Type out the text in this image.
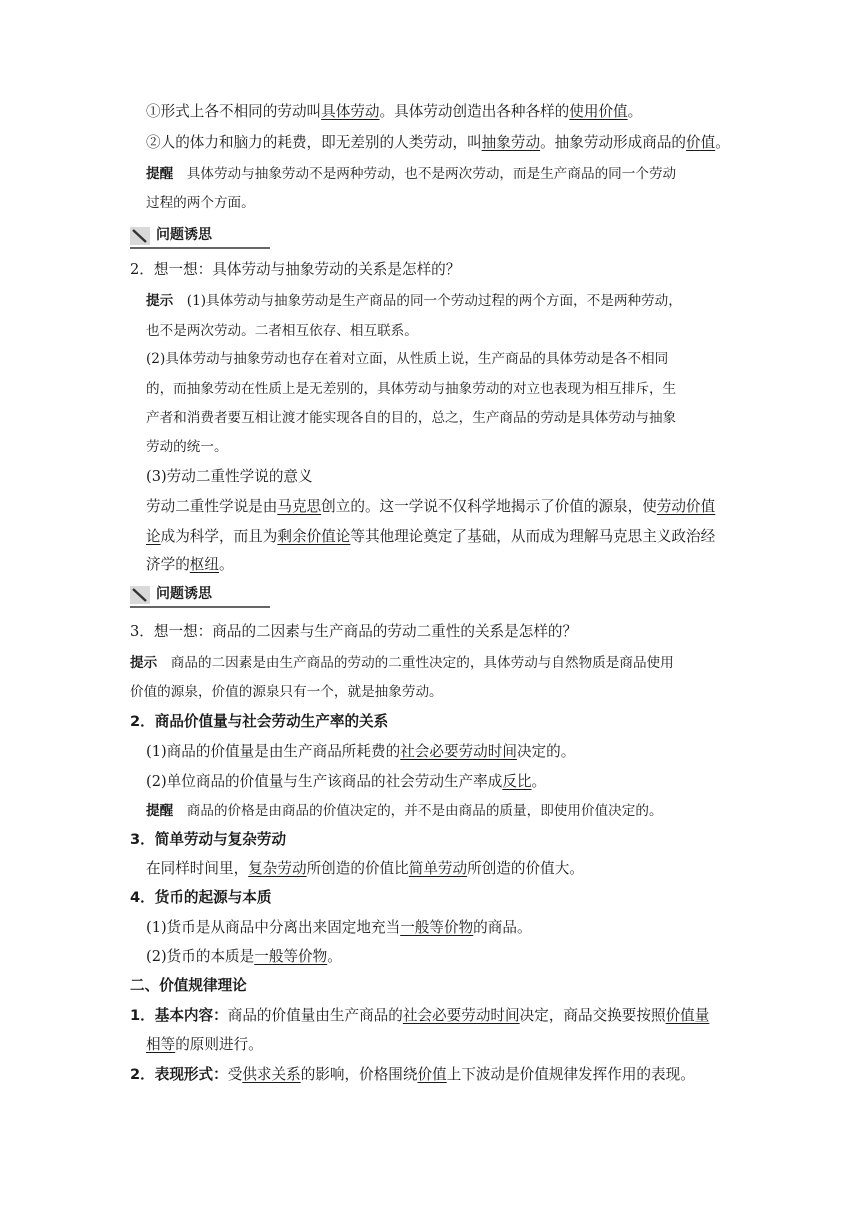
①形式上各不相同的劳动叫具体劳动。具体劳动创造出各种各样的使用价值。
②人的体力和脑力的耗费，即无差别的人类劳动，叫抽象劳动。抽象劳动形成商品的价值。
提醒　具体劳动与抽象劳动不是两种劳动，也不是两次劳动，而是生产商品的同一个劳动
过程的两个方面。
问题诱思
2．想一想：具体劳动与抽象劳动的关系是怎样的？
提示　(1)具体劳动与抽象劳动是生产商品的同一个劳动过程的两个方面，不是两种劳动，
也不是两次劳动。二者相互依存、相互联系。
(2)具体劳动与抽象劳动也存在着对立面，从性质上说，生产商品的具体劳动是各不相同
的，而抽象劳动在性质上是无差别的，具体劳动与抽象劳动的对立也表现为相互排斥，生
产者和消费者要互相让渡才能实现各自的目的，总之，生产商品的劳动是具体劳动与抽象
劳动的统一。
(3)劳动二重性学说的意义
劳动二重性学说是由马克思创立的。这一学说不仅科学地揭示了价值的源泉，使劳动价值
论成为科学，而且为剩余价值论等其他理论奠定了基础，从而成为理解马克思主义政治经
济学的枢纽。
问题诱思
3．想一想：商品的二因素与生产商品的劳动二重性的关系是怎样的？
提示　商品的二因素是由生产商品的劳动的二重性决定的，具体劳动与自然物质是商品使用
价值的源泉，价值的源泉只有一个，就是抽象劳动。
2．商品价值量与社会劳动生产率的关系
(1)商品的价值量是由生产商品所耗费的社会必要劳动时间决定的。
(2)单位商品的价值量与生产该商品的社会劳动生产率成反比。
提醒　商品的价格是由商品的价值决定的，并不是由商品的质量，即使用价值决定的。
3．简单劳动与复杂劳动
在同样时间里，复杂劳动所创造的价值比简单劳动所创造的价值大。
4．货币的起源与本质
(1)货币是从商品中分离出来固定地充当一般等价物的商品。
(2)货币的本质是一般等价物。
二、价值规律理论
1．基本内容：商品的价值量由生产商品的社会必要劳动时间决定，商品交换要按照价值量
相等的原则进行。
2．表现形式：受供求关系的影响，价格围绕价值上下波动是价值规律发挥作用的表现。
